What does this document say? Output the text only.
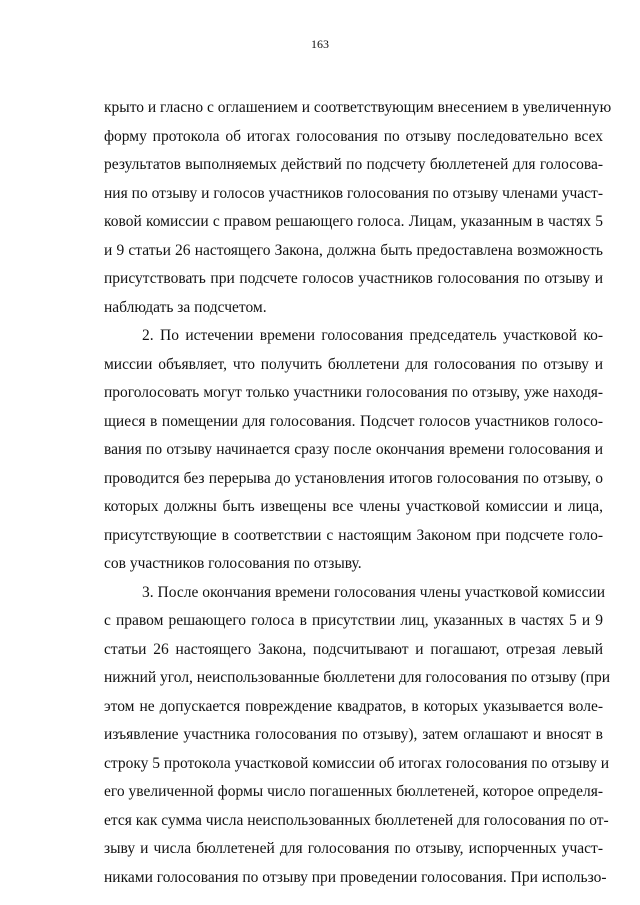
163
крыто и гласно с оглашением и соответствующим внесением в увеличенную
форму протокола об итогах голосования по отзыву последовательно всех
результатов выполняемых действий по подсчету бюллетеней для голосова-
ния по отзыву и голосов участников голосования по отзыву членами участ-
ковой комиссии с правом решающего голоса. Лицам, указанным в частях 5
и 9 статьи 26 настоящего Закона, должна быть предоставлена возможность
присутствовать при подсчете голосов участников голосования по отзыву и
наблюдать за подсчетом.
2. По истечении времени голосования председатель участковой ко-
миссии объявляет, что получить бюллетени для голосования по отзыву и
проголосовать могут только участники голосования по отзыву, уже находя-
щиеся в помещении для голосования. Подсчет голосов участников голосо-
вания по отзыву начинается сразу после окончания времени голосования и
проводится без перерыва до установления итогов голосования по отзыву, о
которых должны быть извещены все члены участковой комиссии и лица,
присутствующие в соответствии с настоящим Законом при подсчете голо-
сов участников голосования по отзыву.
3. После окончания времени голосования члены участковой комиссии
с правом решающего голоса в присутствии лиц, указанных в частях 5 и 9
статьи 26 настоящего Закона, подсчитывают и погашают, отрезая левый
нижний угол, неиспользованные бюллетени для голосования по отзыву (при
этом не допускается повреждение квадратов, в которых указывается воле-
изъявление участника голосования по отзыву), затем оглашают и вносят в
строку 5 протокола участковой комиссии об итогах голосования по отзыву и
его увеличенной формы число погашенных бюллетеней, которое определя-
ется как сумма числа неиспользованных бюллетеней для голосования по от-
зыву и числа бюллетеней для голосования по отзыву, испорченных участ-
никами голосования по отзыву при проведении голосования. При использо-
